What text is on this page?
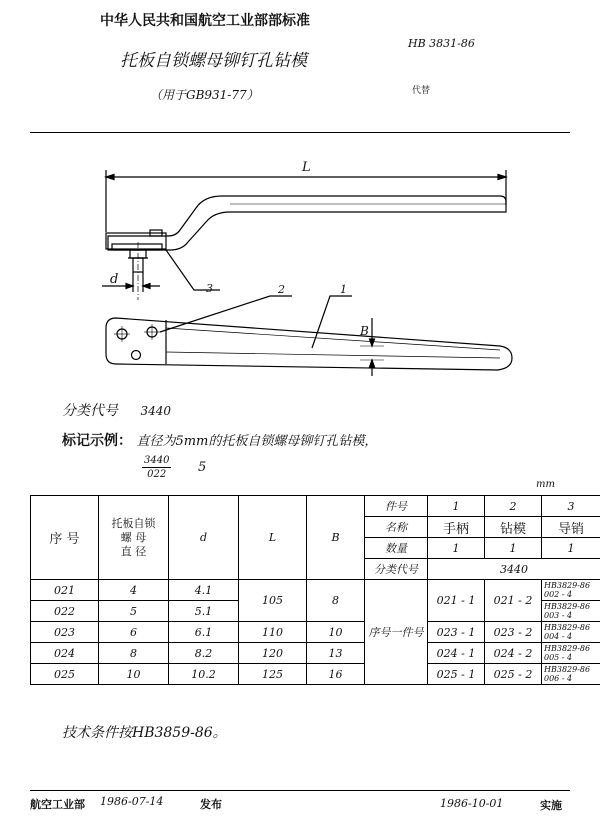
中华人民共和国航空工业部部标准
托板自锁螺母铆钉孔钻模
（用于GB931-77）
HB 3831-86
代替
L
d
B
3	2	1
分类代号 3440
标记示例： 直径为5mm的托板自锁螺母铆钉孔钻模，
3440
022	5
mm
序 号	托板自锁
螺 母
直 径	d	L	B	件号	1	2	3
					名称	手柄	钻模	导销
					数量	1	1	1
					分类代号	3440		
021	4	4.1	105	8	序号一件号	021 - 1	021 - 2	HB3829-86
002 - 4

022	5	5.1						HB3829-86
003 - 4

023	6	6.1	110	10		023 - 1	023 - 2	HB3829-86
004 - 4

024	8	8.2	120	13		024 - 1	024 - 2	HB3829-86
005 - 4

025	10	10.2	125	16		025 - 1	025 - 2	HB3829-86
006 - 4
技术条件按HB3859-86。
航空工业部 1986-07-14	发布	1986-10-01	实施
